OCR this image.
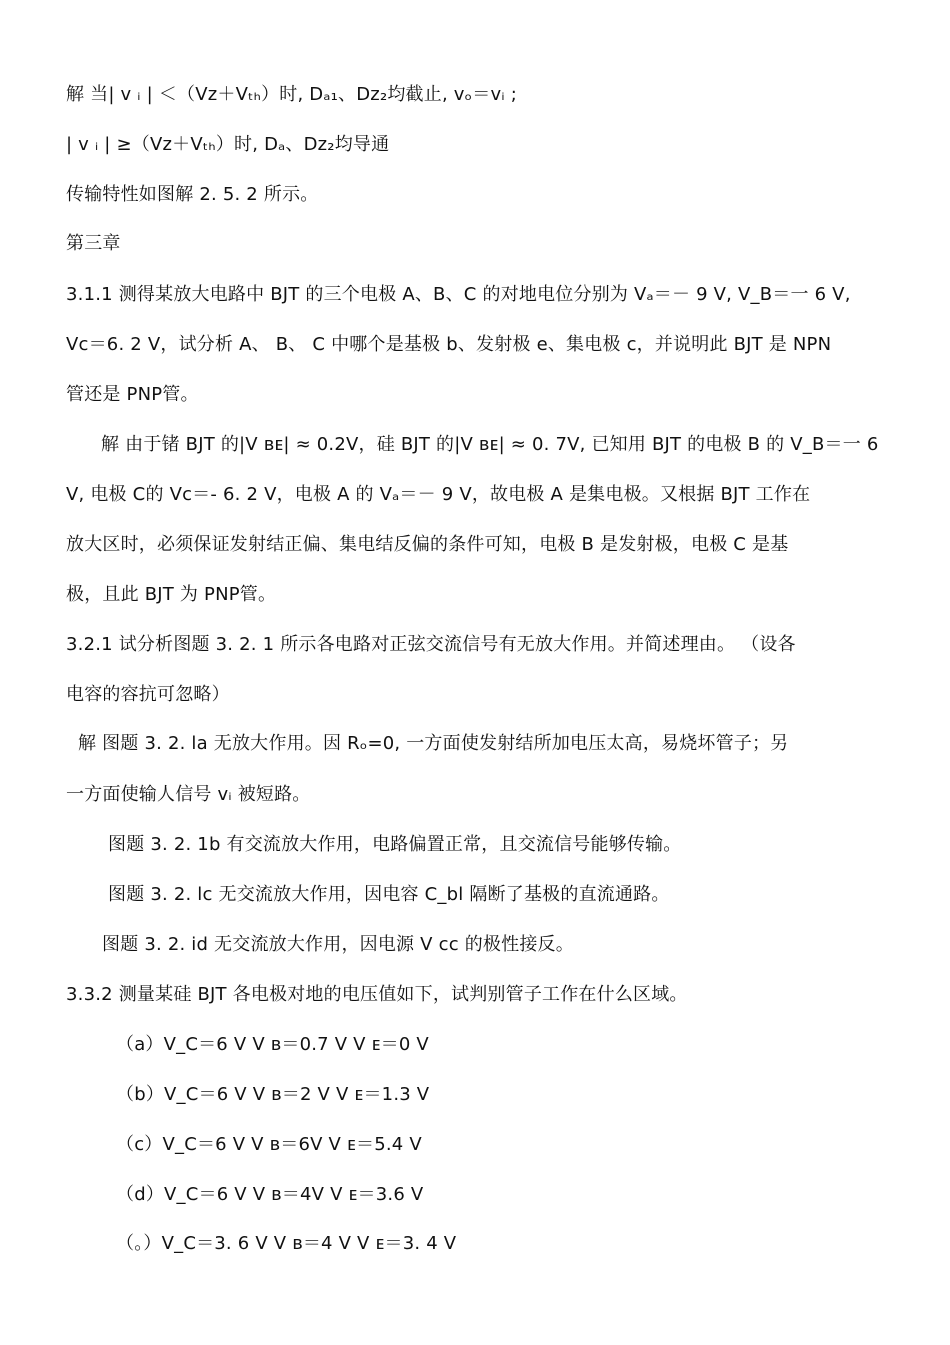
解 当| v ᵢ | ＜（Vz＋Vₜₕ）时, Dₐ₁、Dz₂均截止, vₒ＝vᵢ ;
| v ᵢ | ≥（Vz＋Vₜₕ）时, Dₐ、Dz₂均导通
传输特性如图解 2. 5. 2 所示。
第三章
3.1.1 测得某放大电路中 BJT 的三个电极 A、B、C 的对地电位分别为 Vₐ＝－ 9 V, V_B＝一 6 V,
Vc＝6. 2 V，试分析 A、 B、 C 中哪个是基极 b、发射极 e、集电极 c，并说明此 BJT 是 NPN
管还是 PNP管。
解 由于锗 BJT 的|V ʙᴇ| ≈ 0.2V，硅 BJT 的|V ʙᴇ| ≈ 0. 7V, 已知用 BJT 的电极 B 的 V_B＝一 6
V, 电极 C的 Vc＝- 6. 2 V，电极 A 的 Vₐ＝－ 9 V，故电极 A 是集电极。又根据 BJT 工作在
放大区时，必须保证发射结正偏、集电结反偏的条件可知，电极 B 是发射极，电极 C 是基
极，且此 BJT 为 PNP管。
3.2.1 试分析图题 3. 2. 1 所示各电路对正弦交流信号有无放大作用。并简述理由。 （设各
电容的容抗可忽略）
解 图题 3. 2. la 无放大作用。因 Rₒ=0, 一方面使发射结所加电压太高，易烧坏管子；另
一方面使输人信号 vᵢ 被短路。
图题 3. 2. 1b 有交流放大作用，电路偏置正常，且交流信号能够传输。
图题 3. 2. lc 无交流放大作用，因电容 C_bl 隔断了基极的直流通路。
图题 3. 2. id 无交流放大作用，因电源 V cc 的极性接反。
3.3.2 测量某硅 BJT 各电极对地的电压值如下，试判别管子工作在什么区域。
（a）V_C＝6 V V ʙ＝0.7 V V ᴇ＝0 V
（b）V_C＝6 V V ʙ＝2 V V ᴇ＝1.3 V
（c）V_C＝6 V V ʙ＝6V V ᴇ＝5.4 V
（d）V_C＝6 V V ʙ＝4V V ᴇ＝3.6 V
（。）V_C＝3. 6 V V ʙ＝4 V V ᴇ＝3. 4 V
